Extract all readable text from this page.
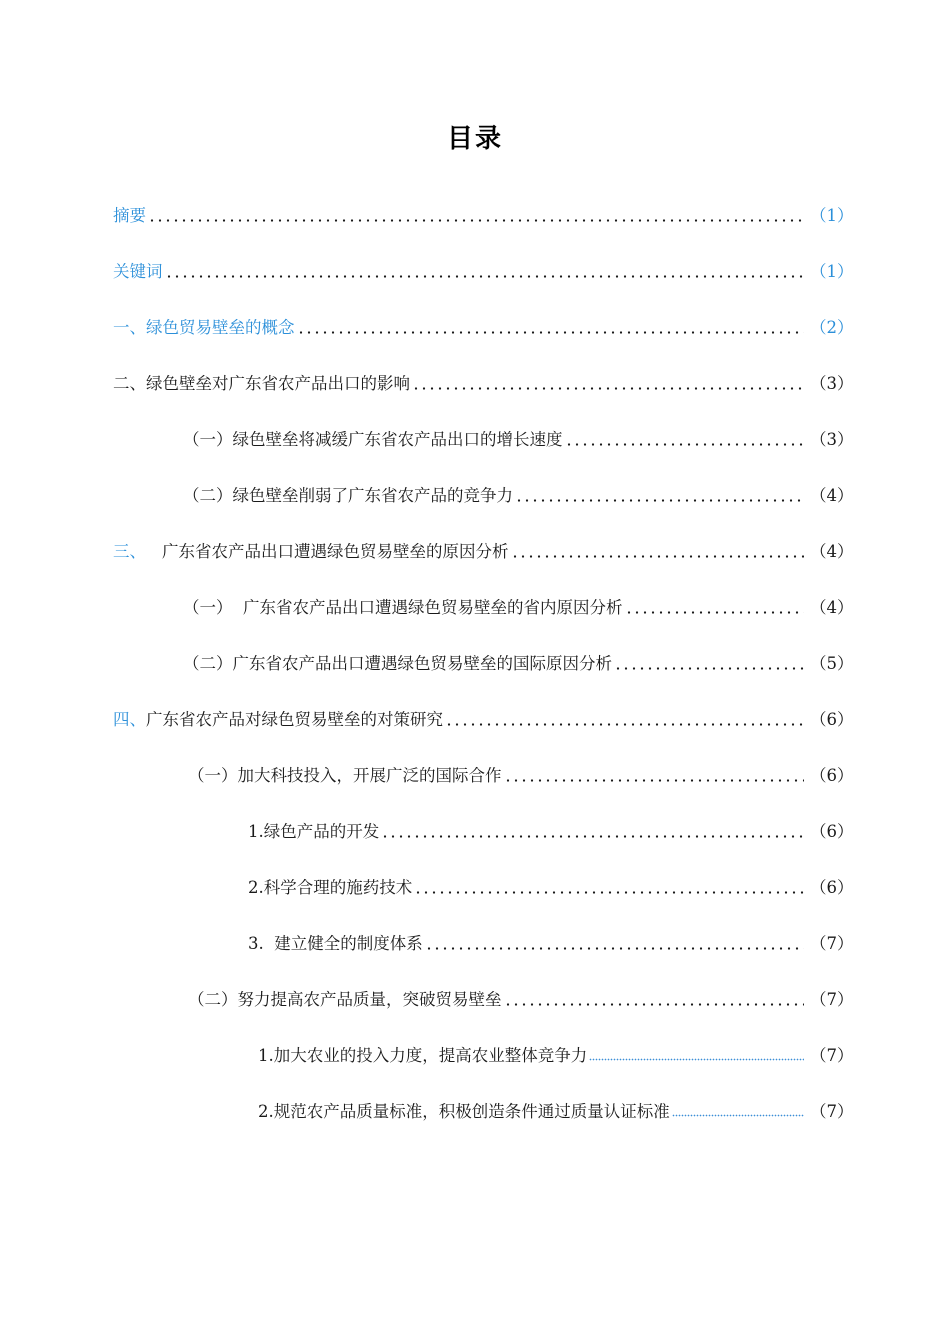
目录
摘要	（1）
关键词	（1）
一、绿色贸易壁垒的概念	（2）
二、绿色壁垒对广东省农产品出口的影响	（3）
（一）绿色壁垒将减缓广东省农产品出口的增长速度	（3）
（二）绿色壁垒削弱了广东省农产品的竞争力	（4）
三、 广东省农产品出口遭遇绿色贸易壁垒的原因分析	（4）
（一）  广东省农产品出口遭遇绿色贸易壁垒的省内原因分析	（4）
（二）广东省农产品出口遭遇绿色贸易壁垒的国际原因分析	（5）
四、 广东省农产品对绿色贸易壁垒的对策研究	（6）
（一）加大科技投入，开展广泛的国际合作	（6）
1.绿色产品的开发	（6）
2.科学合理的施药技术	（6）
3.  建立健全的制度体系	（7）
（二）努力提高农产品质量，突破贸易壁垒	（7）
1.加大农业的投入力度，提高农业整体竞争力	（7）
2.规范农产品质量标准，积极创造条件通过质量认证标准	（7）
